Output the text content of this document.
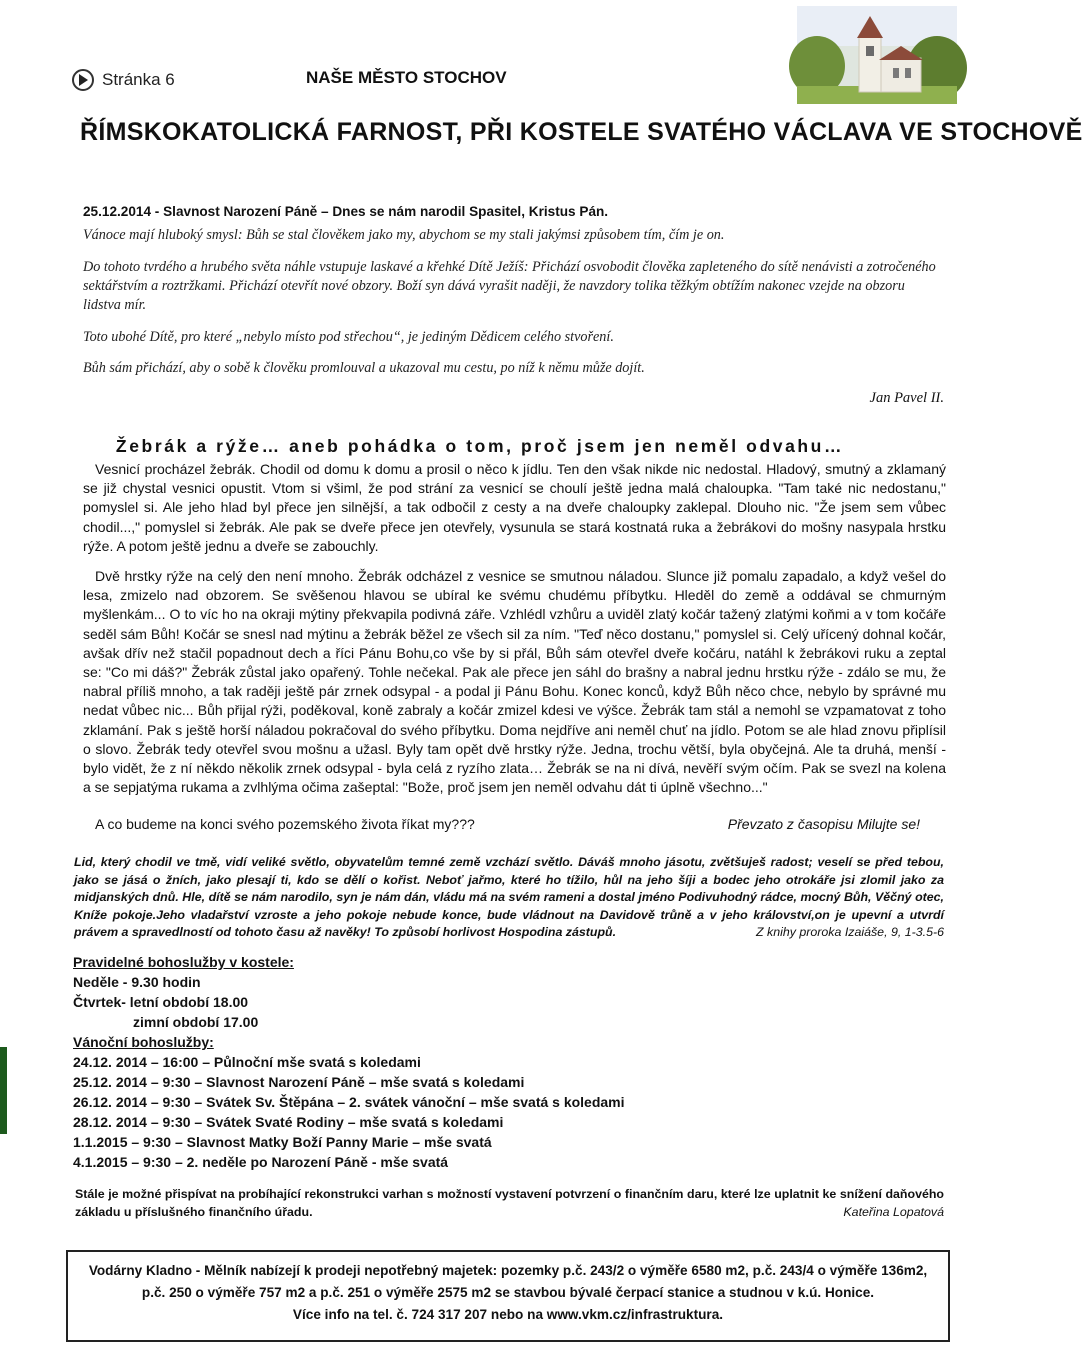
Stránka 6	NAŠE MĚSTO STOCHOV
ŘÍMSKOKATOLICKÁ FARNOST, PŘI KOSTELE SVATÉHO VÁCLAVA VE STOCHOVĚ
25.12.2014 - Slavnost Narození Páně – Dnes se nám narodil Spasitel, Kristus Pán.
Vánoce mají hluboký smysl: Bůh se stal člověkem jako my, abychom se my stali jakýmsi způsobem tím, čím je on.
Do tohoto tvrdého a hrubého světa náhle vstupuje laskavé a křehké Dítě Ježíš: Přichází osvobodit člověka zapleteného do sítě nenávisti a zotročeného sektářstvím a roztržkami. Přichází otevřít nové obzory. Boží syn dává vyrašit naději, že navzdory tolika těžkým obtížím nakonec vzejde na obzoru lidstva mír.
Toto ubohé Dítě, pro které „nebylo místo pod střechou“, je jediným Dědicem celého stvoření.
Bůh sám přichází, aby o sobě k člověku promlouval a ukazoval mu cestu, po níž k němu může dojít.
Jan Pavel II.
Žebrák a rýže… aneb pohádka o tom, proč jsem jen neměl odvahu…

Vesnicí procházel žebrák. Chodil od domu k domu a prosil o něco k jídlu. Ten den však nikde nic nedostal. Hladový, smutný a zklamaný se již chystal vesnici opustit. Vtom si všiml, že pod strání za vesnicí se choulí ještě jedna malá chaloupka. "Tam také nic nedostanu," pomyslel si. Ale jeho hlad byl přece jen silnější, a tak odbočil z cesty a na dveře chaloupky zaklepal. Dlouho nic. "Že jsem sem vůbec chodil...," pomyslel si žebrák. Ale pak se dveře přece jen otevřely, vysunula se stará kostnatá ruka a žebrákovi do mošny nasypala hrstku rýže. A potom ještě jednu a dveře se zabouchly.

Dvě hrstky rýže na celý den není mnoho. Žebrák odcházel z vesnice se smutnou náladou. Slunce již pomalu zapadalo, a když vešel do lesa, zmizelo nad obzorem. Se svěšenou hlavou se ubíral ke svému chudému příbytku. Hleděl do země a oddával se chmurným myšlenkám... O to víc ho na okraji mýtiny překvapila podivná záře. Vzhlédl vzhůru a uviděl zlatý kočár tažený zlatými koňmi a v tom kočáře seděl sám Bůh! Kočár se snesl nad mýtinu a žebrák běžel ze všech sil za ním. "Teď něco dostanu," pomyslel si. Celý uřícený dohnal kočár, avšak dřív než stačil popadnout dech a říci Pánu Bohu,co vše by si přál, Bůh sám otevřel dveře kočáru, natáhl k žebrákovi ruku a zeptal se: "Co mi dáš?" Žebrák zůstal jako opařený. Tohle nečekal. Pak ale přece jen sáhl do brašny a nabral jednu hrstku rýže - zdálo se mu, že nabral příliš mnoho, a tak raději ještě pár zrnek odsypal - a podal ji Pánu Bohu. Konec konců, když Bůh něco chce, nebylo by správné mu nedat vůbec nic... Bůh přijal rýži, poděkoval, koně zabraly a kočár zmizel kdesi ve výšce. Žebrák tam stál a nemohl se vzpamatovat z toho zklamání. Pak s ještě horší náladou pokračoval do svého příbytku. Doma nejdříve ani neměl chuť na jídlo. Potom se ale hlad znovu připlísil o slovo. Žebrák tedy otevřel svou mošnu a užasl. Byly tam opět dvě hrstky rýže. Jedna, trochu větší, byla obyčejná. Ale ta druhá, menší - bylo vidět, že z ní někdo několik zrnek odsypal - byla celá z ryzího zlata… Žebrák se na ni dívá, nevěří svým očím. Pak se svezl na kolena a se sepjatýma rukama a zvlhlýma očima zašeptal: "Bože, proč jsem jen neměl odvahu dát ti úplně všechno..."

A co budeme na konci svého pozemského života říkat my???	Převzato z časopisu Milujte se!
Lid, který chodil ve tmě, vidí veliké světlo, obyvatelům temné země vzchází světlo. Dáváš mnoho jásotu, zvětšuješ radost; veselí se před tebou, jako se jásá o žních, jako plesají ti, kdo se dělí o kořist. Neboť jařmo, které ho tížilo, hůl na jeho šíji a bodec jeho otrokáře jsi zlomil jako za midjanských dnů. Hle, dítě se nám narodilo, syn je nám dán, vládu má na svém rameni a dostal jméno Podivuhodný rádce, mocný Bůh, Věčný otec, Kníže pokoje.Jeho vladařství vzroste a jeho pokoje nebude konce, bude vládnout na Davidově trůně a v jeho království,on je upevní a utvrdí právem a spravedlností od tohoto času až navěky! To způsobí horlivost Hospodina zástupů.	Z knihy proroka Izaiáše, 9, 1-3.5-6
Pravidelné bohoslužby v kostele:
Neděle - 9.30 hodin
Čtvrtek- letní období 18.00
zimní období 17.00
Vánoční bohoslužby:
24.12. 2014 – 16:00 – Půlnoční mše svatá s koledami
25.12. 2014 – 9:30 – Slavnost Narození Páně – mše svatá s koledami
26.12. 2014 – 9:30 – Svátek Sv. Štěpána – 2. svátek vánoční – mše svatá s koledami
28.12. 2014 – 9:30 – Svátek Svaté Rodiny – mše svatá s koledami
1.1.2015 – 9:30 – Slavnost Matky Boží Panny Marie – mše svatá
4.1.2015 – 9:30 – 2. neděle po Narození Páně - mše svatá
Stále je možné přispívat na probíhající rekonstrukci varhan s možností vystavení potvrzení o finančním daru, které lze uplatnit ke snížení daňového základu u příslušného finančního úřadu.	Kateřina Lopatová
Vodárny Kladno - Mělník nabízejí k prodeji nepotřebný majetek: pozemky p.č. 243/2 o výměře 6580 m2, p.č. 243/4 o výměře 136m2,
p.č. 250 o výměře 757 m2 a p.č. 251 o výměře 2575 m2 se stavbou bývalé čerpací stanice a studnou v k.ú. Honice.
Více info na tel. č. 724 317 207 nebo na www.vkm.cz/infrastruktura.
